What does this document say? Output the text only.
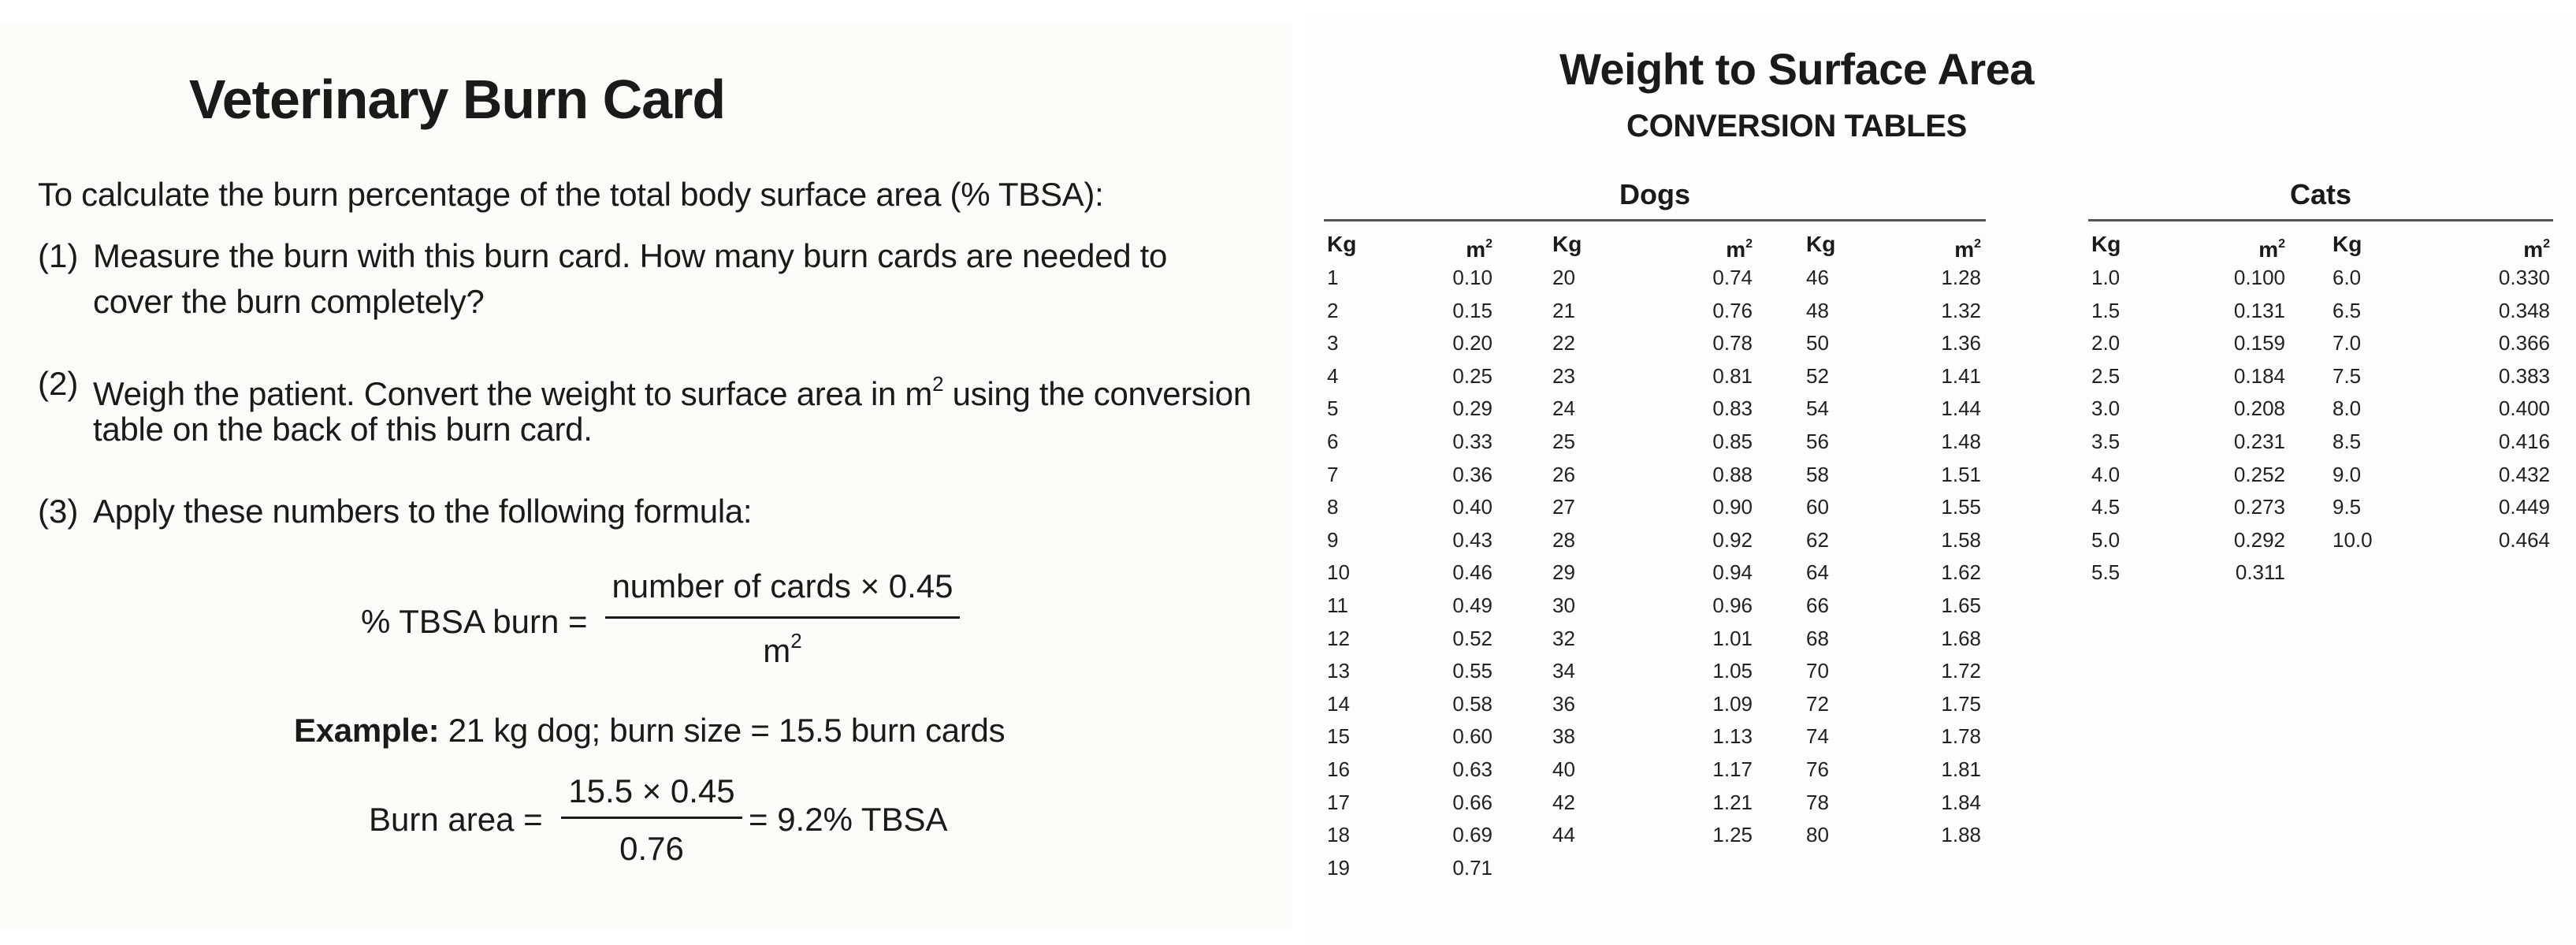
Veterinary Burn Card
To calculate the burn percentage of the total body surface area (% TBSA):
(1) Measure the burn with this burn card. How many burn cards are needed to
cover the burn completely?
(2) Weigh the patient. Convert the weight to surface area in $m^2$ using the conversion
table on the back of this burn card.
(3) Apply these numbers to the following formula:
% TBSA burn =
number of cards × 0.45
$m^2$
Example: 21 kg dog; burn size = 15.5 burn cards
Burn area =
15.5 × 0.45
0.76
= 9.2% TBSA
Weight to Surface Area
CONVERSION TABLES
Dogs
Kg
1
2
3
4
5
6
7
8
9
10
11
12
13
14
15
16
17
18
19
$m^2$
0.10
0.15
0.20
0.25
0.29
0.33
0.36
0.40
0.43
0.46
0.49
0.52
0.55
0.58
0.60
0.63
0.66
0.69
0.71
Kg
20
21
22
23
24
25
26
27
28
29
30
32
34
36
38
40
42
44
$m^2$
0.74
0.76
0.78
0.81
0.83
0.85
0.88
0.90
0.92
0.94
0.96
1.01
1.05
1.09
1.13
1.17
1.21
1.25
Kg
46
48
50
52
54
56
58
60
62
64
66
68
70
72
74
76
78
80
$m^2$
1.28
1.32
1.36
1.41
1.44
1.48
1.51
1.55
1.58
1.62
1.65
1.68
1.72
1.75
1.78
1.81
1.84
1.88
Cats
Kg
1.0
1.5
2.0
2.5
3.0
3.5
4.0
4.5
5.0
5.5
$m^2$
0.100
0.131
0.159
0.184
0.208
0.231
0.252
0.273
0.292
0.311
Kg
6.0
6.5
7.0
7.5
8.0
8.5
9.0
9.5
10.0
$m^2$
0.330
0.348
0.366
0.383
0.400
0.416
0.432
0.449
0.464
